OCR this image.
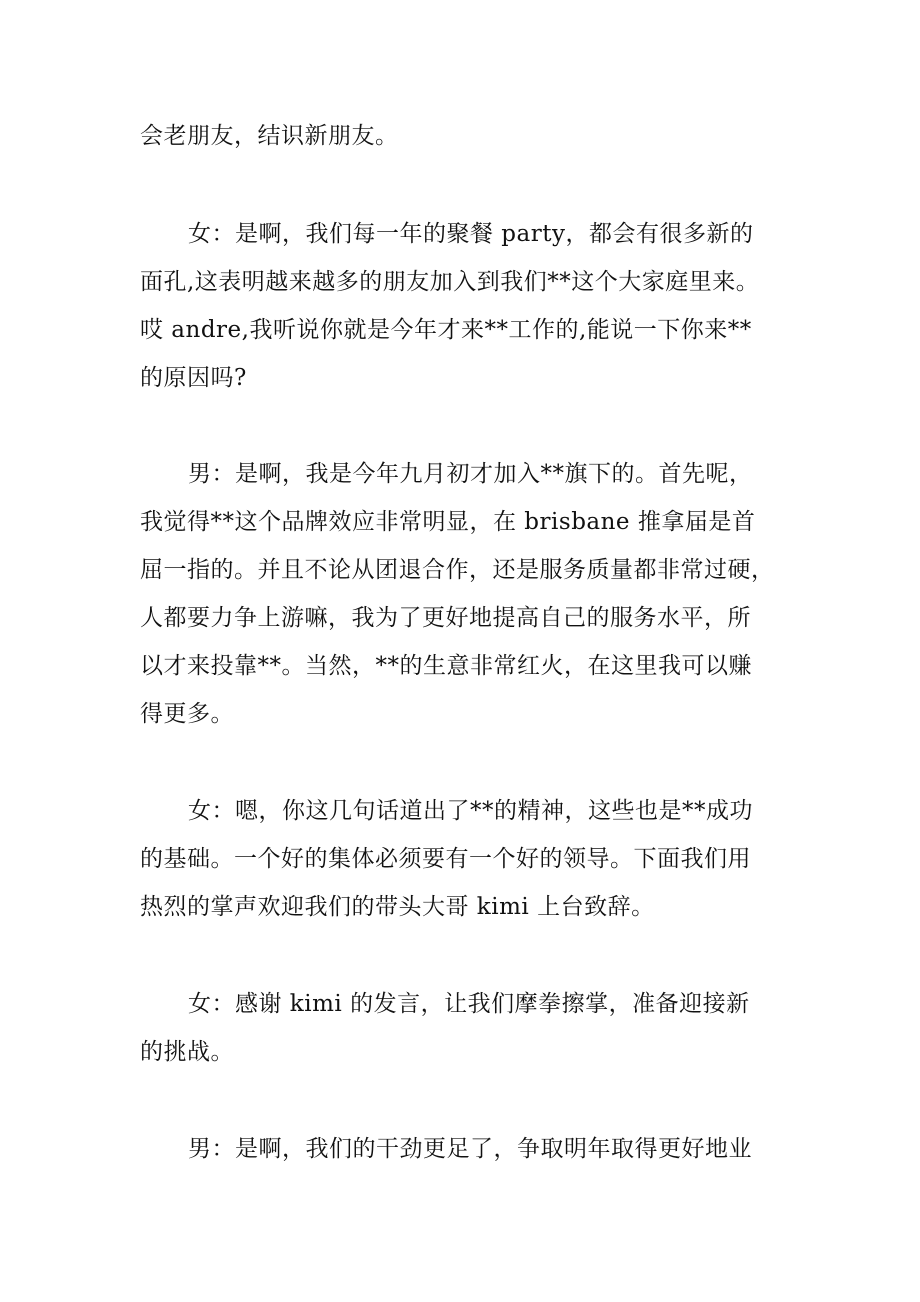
会老朋友，结识新朋友。
女：是啊，我们每一年的聚餐 party，都会有很多新的
面孔,这表明越来越多的朋友加入到我们**这个大家庭里来。
哎 andre,我听说你就是今年才来**工作的,能说一下你来**
的原因吗?
男：是啊，我是今年九月初才加入**旗下的。首先呢，
我觉得**这个品牌效应非常明显，在 brisbane 推拿届是首
屈一指的。并且不论从团退合作，还是服务质量都非常过硬，
人都要力争上游嘛，我为了更好地提高自己的服务水平，所
以才来投靠**。当然，**的生意非常红火，在这里我可以赚
得更多。
女：嗯，你这几句话道出了**的精神，这些也是**成功
的基础。一个好的集体必须要有一个好的领导。下面我们用
热烈的掌声欢迎我们的带头大哥 kimi 上台致辞。
女：感谢 kimi 的发言，让我们摩拳擦掌，准备迎接新
的挑战。
男：是啊，我们的干劲更足了，争取明年取得更好地业
